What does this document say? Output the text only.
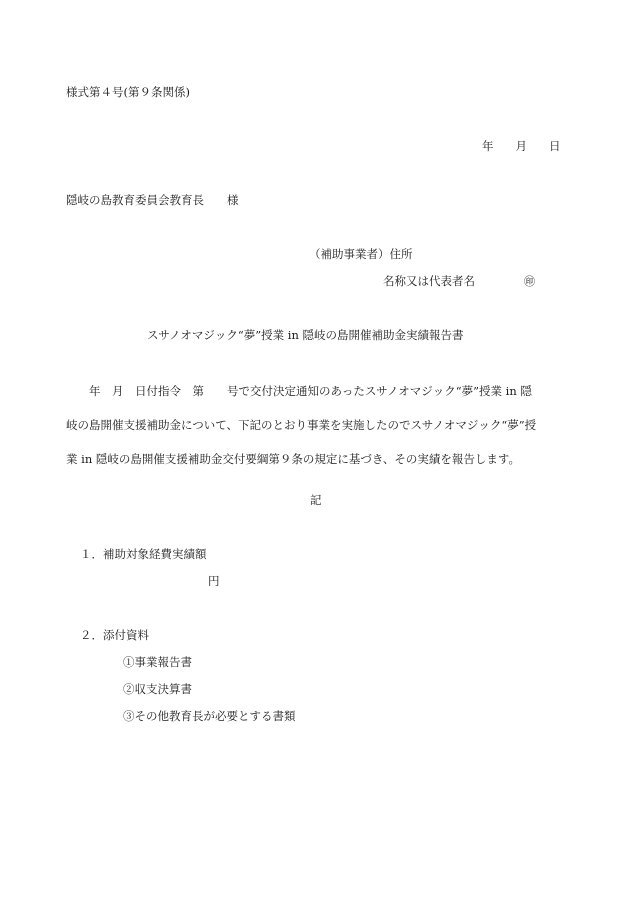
様式第４号(第９条関係)
年 月 日
隠岐の島教育委員会教育長　　様
（補助事業者）住所
名称又は代表者名	㊞
スサノオマジック“夢”授業 in 隠岐の島開催補助金実績報告書
　　年　月　日付指令　第　　号で交付決定通知のあったスサノオマジック“夢”授業 in 隠
岐の島開催支援補助金について、下記のとおり事業を実施したのでスサノオマジック“夢”授
業 in 隠岐の島開催支援補助金交付要綱第９条の規定に基づき、その実績を報告します。
記
１．補助対象経費実績額
円
２．添付資料
①事業報告書
②収支決算書
③その他教育長が必要とする書類
